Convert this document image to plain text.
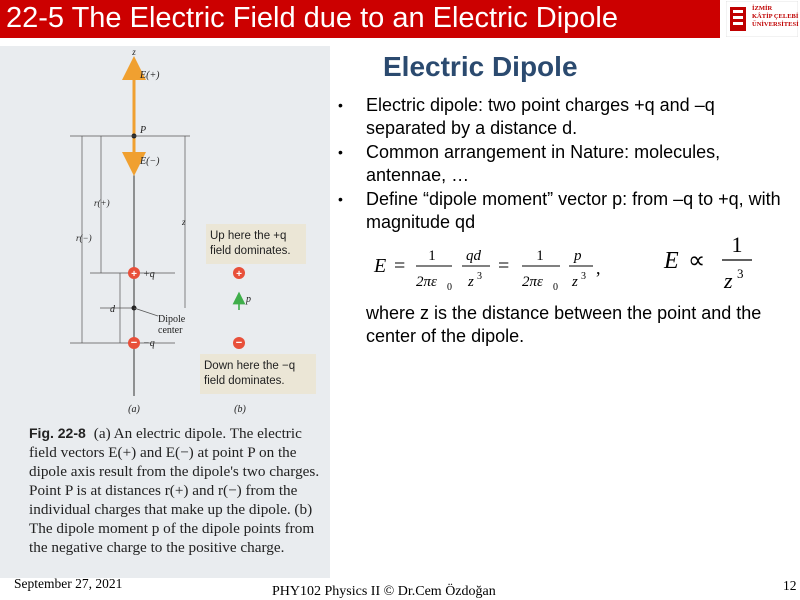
22-5 The Electric Field due to an Electric Dipole	İZMİR
KÂTİP ÇELEBİ
ÜNİVERSİTESİ
+
−
+
−
z
E(+)
P
E(−)
r(+)
r(−)
z
+q
d
Dipole
center
−q
(a)	(b)
p
Up here the +q
field dominates.
Down here the −q
field dominates.
Fig. 22-8 (a) An electric dipole. The electric field vectors E(+) and E(−) at point P on the dipole axis result from the dipole's two charges. Point P is at distances r(+) and r(−) from the individual charges that make up the dipole. (b) The dipole moment p of the dipole points from the negative charge to the positive charge.
Electric Dipole
• Electric dipole: two point charges +q and –q separated by a distance d.
• Common arrangement in Nature: molecules, antennae, …
• Define “dipole moment” vector p: from –q to +q, with magnitude qd
E = 1
2πε 0
qd
z 3 = 1
2πε 0
p
z 3 ,	E ∝
1
z 3
where z is the distance between the point and the center of the dipole.
September 27, 2021
PHY102 Physics II © Dr.Cem Özdoğan	12
